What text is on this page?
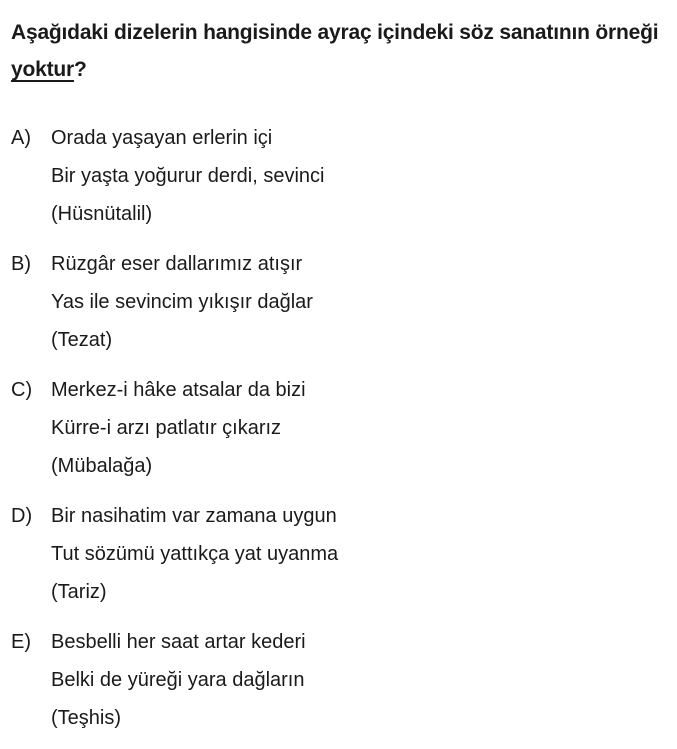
Aşağıdaki dizelerin hangisinde ayraç içindeki söz sanatının örneği yoktur?
A) Orada yaşayan erlerin içi
Bir yaşta yoğurur derdi, sevinci
(Hüsnütalil)
B) Rüzgâr eser dallarımız atışır
Yas ile sevincim yıkışır dağlar
(Tezat)
C) Merkez-i hâke atsalar da bizi
Kürre-i arzı patlatır çıkarız
(Mübalağa)
D) Bir nasihatim var zamana uygun
Tut sözümü yattıkça yat uyanma
(Tariz)
E) Besbelli her saat artar kederi
Belki de yüreği yara dağların
(Teşhis)
